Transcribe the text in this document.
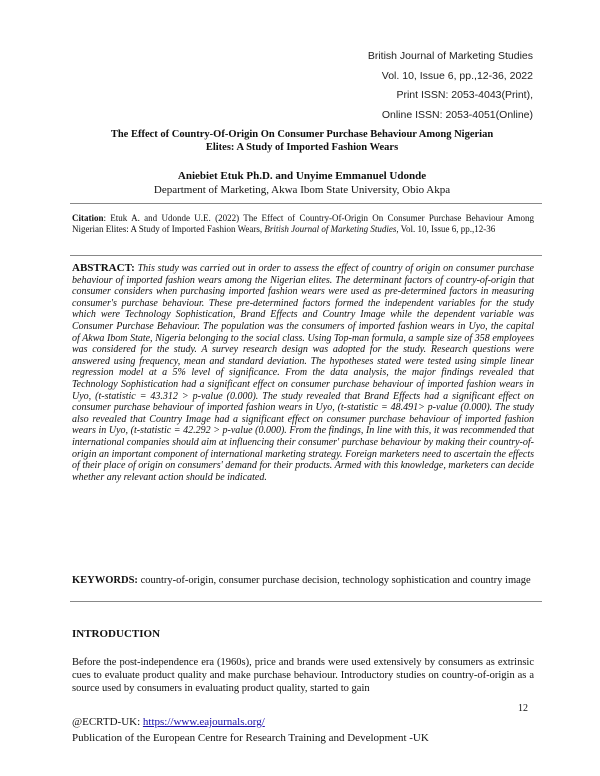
British Journal of Marketing Studies
Vol. 10, Issue 6, pp.,12-36, 2022
Print ISSN: 2053-4043(Print),
Online ISSN: 2053-4051(Online)
The Effect of Country-Of-Origin On Consumer Purchase Behaviour Among Nigerian
Elites: A Study of Imported Fashion Wears
Aniebiet Etuk Ph.D. and Unyime Emmanuel Udonde
Department of Marketing, Akwa Ibom State University, Obio Akpa
Citation: Etuk A. and Udonde U.E. (2022) The Effect of Country-Of-Origin On Consumer Purchase Behaviour Among Nigerian Elites: A Study of Imported Fashion Wears, British Journal of Marketing Studies, Vol. 10, Issue 6, pp.,12-36
ABSTRACT: This study was carried out in order to assess the effect of country of origin on consumer purchase behaviour of imported fashion wears among the Nigerian elites. The determinant factors of country-of-origin that consumer considers when purchasing imported fashion wears were used as pre-determined factors in measuring consumer's purchase behaviour. These pre-determined factors formed the independent variables for the study which were Technology Sophistication, Brand Effects and Country Image while the dependent variable was Consumer Purchase Behaviour. The population was the consumers of imported fashion wears in Uyo, the capital of Akwa Ibom State, Nigeria belonging to the social class. Using Top-man formula, a sample size of 358 employees was considered for the study. A survey research design was adopted for the study. Research questions were answered using frequency, mean and standard deviation. The hypotheses stated were tested using simple linear regression model at a 5% level of significance. From the data analysis, the major findings revealed that Technology Sophistication had a significant effect on consumer purchase behaviour of imported fashion wears in Uyo, (t-statistic = 43.312 > p-value (0.000). The study revealed that Brand Effects had a significant effect on consumer purchase behaviour of imported fashion wears in Uyo, (t-statistic = 48.491> p-value (0.000). The study also revealed that Country Image had a significant effect on consumer purchase behaviour of imported fashion wears in Uyo, (t-statistic = 42.292 > p-value (0.000). From the findings, In line with this, it was recommended that international companies should aim at influencing their consumer' purchase behaviour by making their country-of-origin an important component of international marketing strategy. Foreign marketers need to ascertain the effects of their place of origin on consumers' demand for their products. Armed with this knowledge, marketers can decide whether any relevant action should be indicated.
KEYWORDS: country-of-origin, consumer purchase decision, technology sophistication and country image
INTRODUCTION
Before the post-independence era (1960s), price and brands were used extensively by consumers as extrinsic cues to evaluate product quality and make purchase behaviour. Introductory studies on country-of-origin as a source used by consumers in evaluating product quality, started to gain
12
@ECRTD-UK: https://www.eajournals.org/
Publication of the European Centre for Research Training and Development -UK
